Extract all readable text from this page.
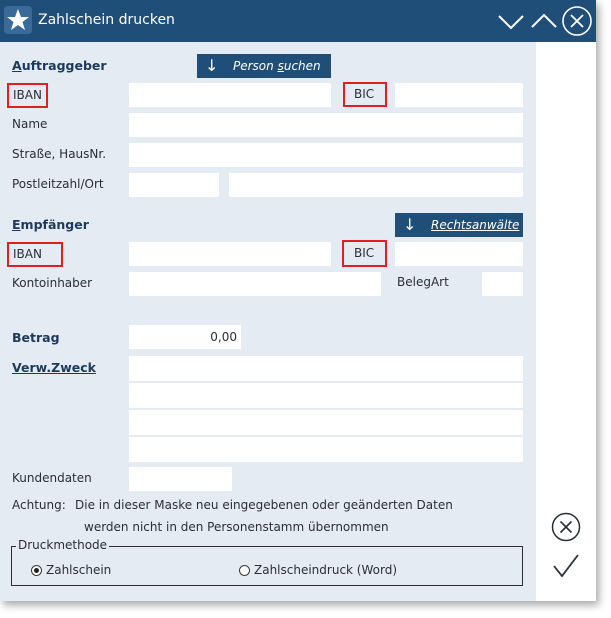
Zahlschein drucken
Auftraggeber	↓	Person suchen
IBAN	BIC
Name
Straße, HausNr.
Postleitzahl/Ort
Empfänger	↓	Rechtsanwälte
IBAN	BIC
Kontoinhaber	BelegArt
Betrag
0,00
Verw.Zweck
Kundendaten
Achtung: Die in dieser Maske neu eingegebenen oder geänderten Daten
werden nicht in den Personenstamm übernommen
Druckmethode
Zahlschein	Zahlscheindruck (Word)
